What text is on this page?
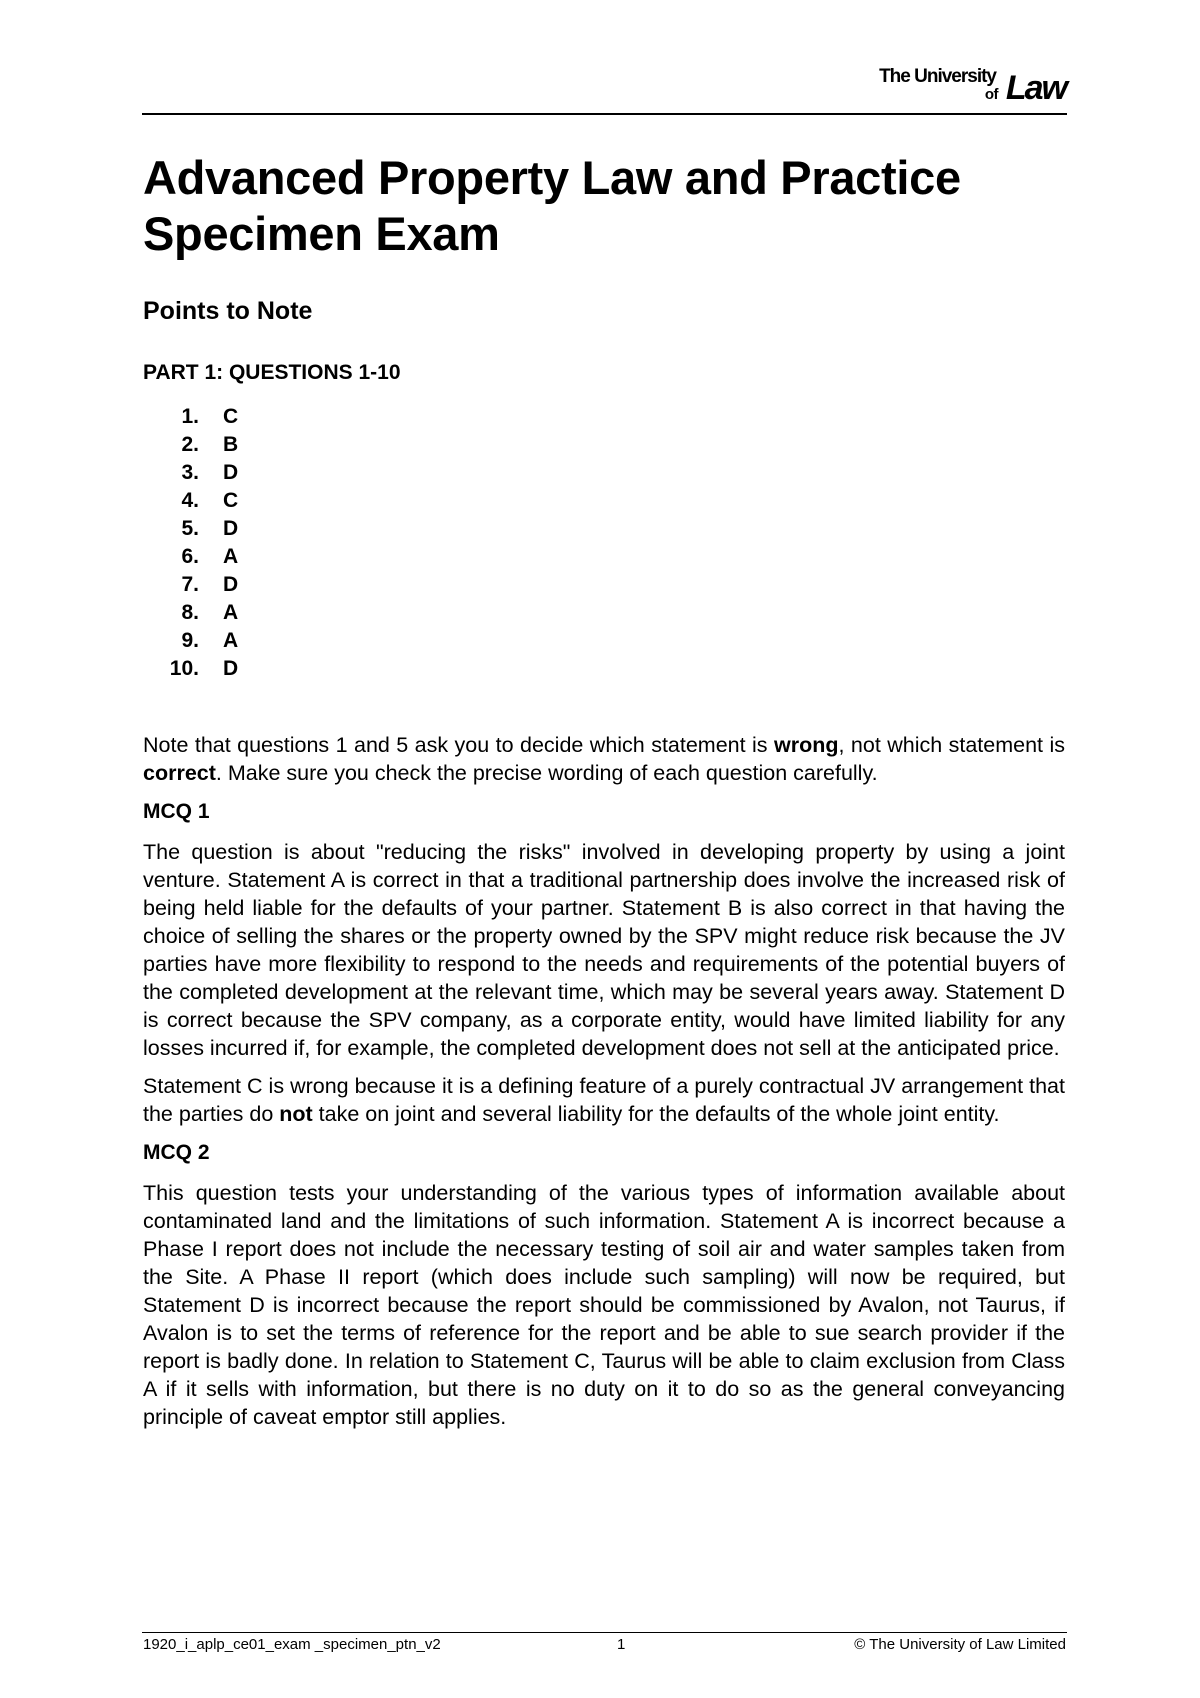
The University
of Law
Advanced Property Law and Practice
Specimen Exam
Points to Note
PART 1: QUESTIONS 1-10
1. C
2. B
3. D
4. C
5. D
6. A
7. D
8. A
9. A
10. D

Note that questions 1 and 5 ask you to decide which statement is wrong, not which statement is correct. Make sure you check the precise wording of each question carefully.

MCQ 1

The question is about "reducing the risks" involved in developing property by using a joint venture. Statement A is correct in that a traditional partnership does involve the increased risk of being held liable for the defaults of your partner. Statement B is also correct in that having the choice of selling the shares or the property owned by the SPV might reduce risk because the JV parties have more flexibility to respond to the needs and requirements of the potential buyers of the completed development at the relevant time, which may be several years away. Statement D is correct because the SPV company, as a corporate entity, would have limited liability for any losses incurred if, for example, the completed development does not sell at the anticipated price.

Statement C is wrong because it is a defining feature of a purely contractual JV arrangement that the parties do not take on joint and several liability for the defaults of the whole joint entity.

MCQ 2

This question tests your understanding of the various types of information available about contaminated land and the limitations of such information. Statement A is incorrect because a Phase I report does not include the necessary testing of soil air and water samples taken from the Site. A Phase II report (which does include such sampling) will now be required, but Statement D is incorrect because the report should be commissioned by Avalon, not Taurus, if Avalon is to set the terms of reference for the report and be able to sue search provider if the report is badly done. In relation to Statement C, Taurus will be able to claim exclusion from Class A if it sells with information, but there is no duty on it to do so as the general conveyancing principle of caveat emptor still applies.

1920_i_aplp_ce01_exam _specimen_ptn_v2	1	© The University of Law Limited
